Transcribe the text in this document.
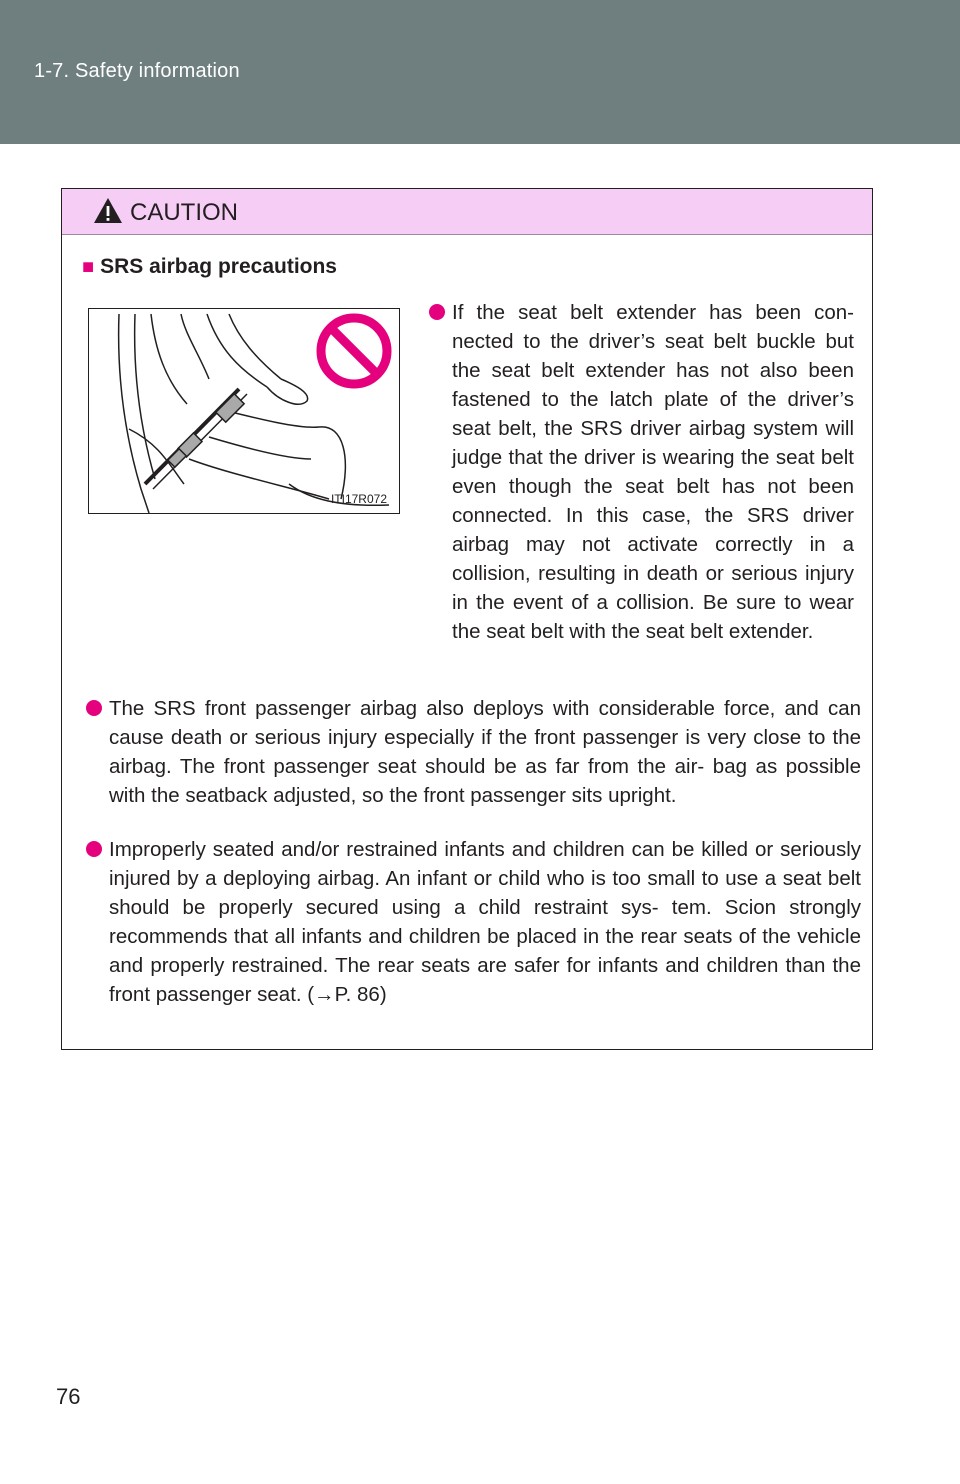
1-7. Safety information
CAUTION
■ SRS airbag precautions
ITI17R072
If the seat belt extender has been con- nected to the driver’s seat belt buckle but the seat belt extender has not also been fastened to the latch plate of the driver’s seat belt, the SRS driver airbag system will judge that the driver is wearing the seat belt even though the seat belt has not been connected. In this case, the SRS driver airbag may not activate correctly in a collision, resulting in death or serious injury in the event of a collision. Be sure to wear the seat belt with the seat belt extender.
The SRS front passenger airbag also deploys with considerable force, and can cause death or serious injury especially if the front passenger is very close to the airbag. The front passenger seat should be as far from the air- bag as possible with the seatback adjusted, so the front passenger sits upright.
Improperly seated and/or restrained infants and children can be killed or seriously injured by a deploying airbag. An infant or child who is too small to use a seat belt should be properly secured using a child restraint sys- tem. Scion strongly recommends that all infants and children be placed in the rear seats of the vehicle and properly restrained. The rear seats are safer for infants and children than the front passenger seat. (→P. 86)
76
